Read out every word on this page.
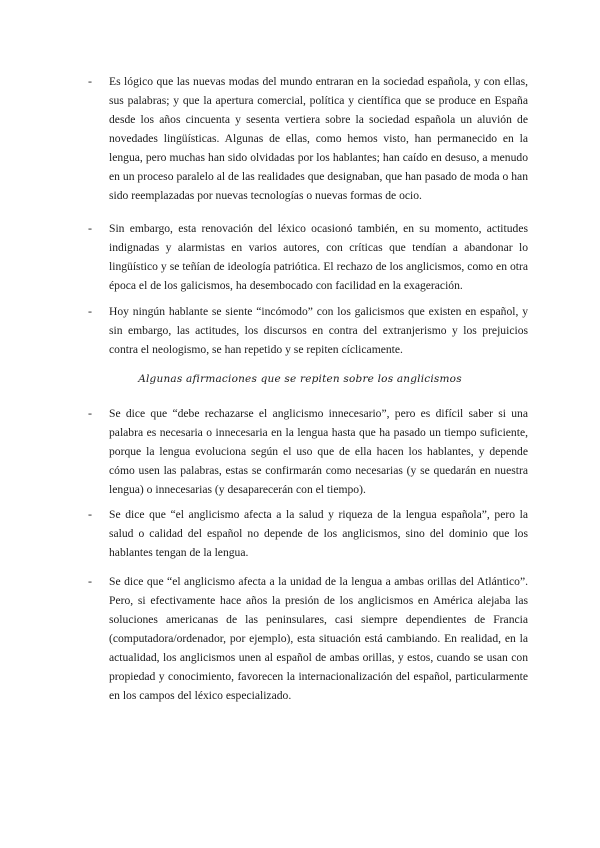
- Es lógico que las nuevas modas del mundo entraran en la sociedad española, y con ellas, sus palabras; y que la apertura comercial, política y científica que se produce en España desde los años cincuenta y sesenta vertiera sobre la sociedad española un aluvión de novedades lingüísticas. Algunas de ellas, como hemos visto, han permanecido en la lengua, pero muchas han sido olvidadas por los hablantes; han caído en desuso, a menudo en un proceso paralelo al de las realidades que designaban, que han pasado de moda o han sido reemplazadas por nuevas tecnologías o nuevas formas de ocio.
- Sin embargo, esta renovación del léxico ocasionó también, en su momento, actitudes indignadas y alarmistas en varios autores, con críticas que tendían a abandonar lo lingüístico y se teñían de ideología patriótica. El rechazo de los anglicismos, como en otra época el de los galicismos, ha desembocado con facilidad en la exageración.
- Hoy ningún hablante se siente “incómodo” con los galicismos que existen en español, y sin embargo, las actitudes, los discursos en contra del extranjerismo y los prejuicios contra el neologismo, se han repetido y se repiten cíclicamente.
Algunas afirmaciones que se repiten sobre los anglicismos
- Se dice que “debe rechazarse el anglicismo innecesario”, pero es difícil saber si una palabra es necesaria o innecesaria en la lengua hasta que ha pasado un tiempo suficiente, porque la lengua evoluciona según el uso que de ella hacen los hablantes, y depende cómo usen las palabras, estas se confirmarán como necesarias (y se quedarán en nuestra lengua) o innecesarias (y desaparecerán con el tiempo).
- Se dice que “el anglicismo afecta a la salud y riqueza de la lengua española”, pero la salud o calidad del español no depende de los anglicismos, sino del dominio que los hablantes tengan de la lengua.
- Se dice que “el anglicismo afecta a la unidad de la lengua a ambas orillas del Atlántico”. Pero, si efectivamente hace años la presión de los anglicismos en América alejaba las soluciones americanas de las peninsulares, casi siempre dependientes de Francia (computadora/ordenador, por ejemplo), esta situación está cambiando. En realidad, en la actualidad, los anglicismos unen al español de ambas orillas, y estos, cuando se usan con propiedad y conocimiento, favorecen la internacionalización del español, particularmente en los campos del léxico especializado.
